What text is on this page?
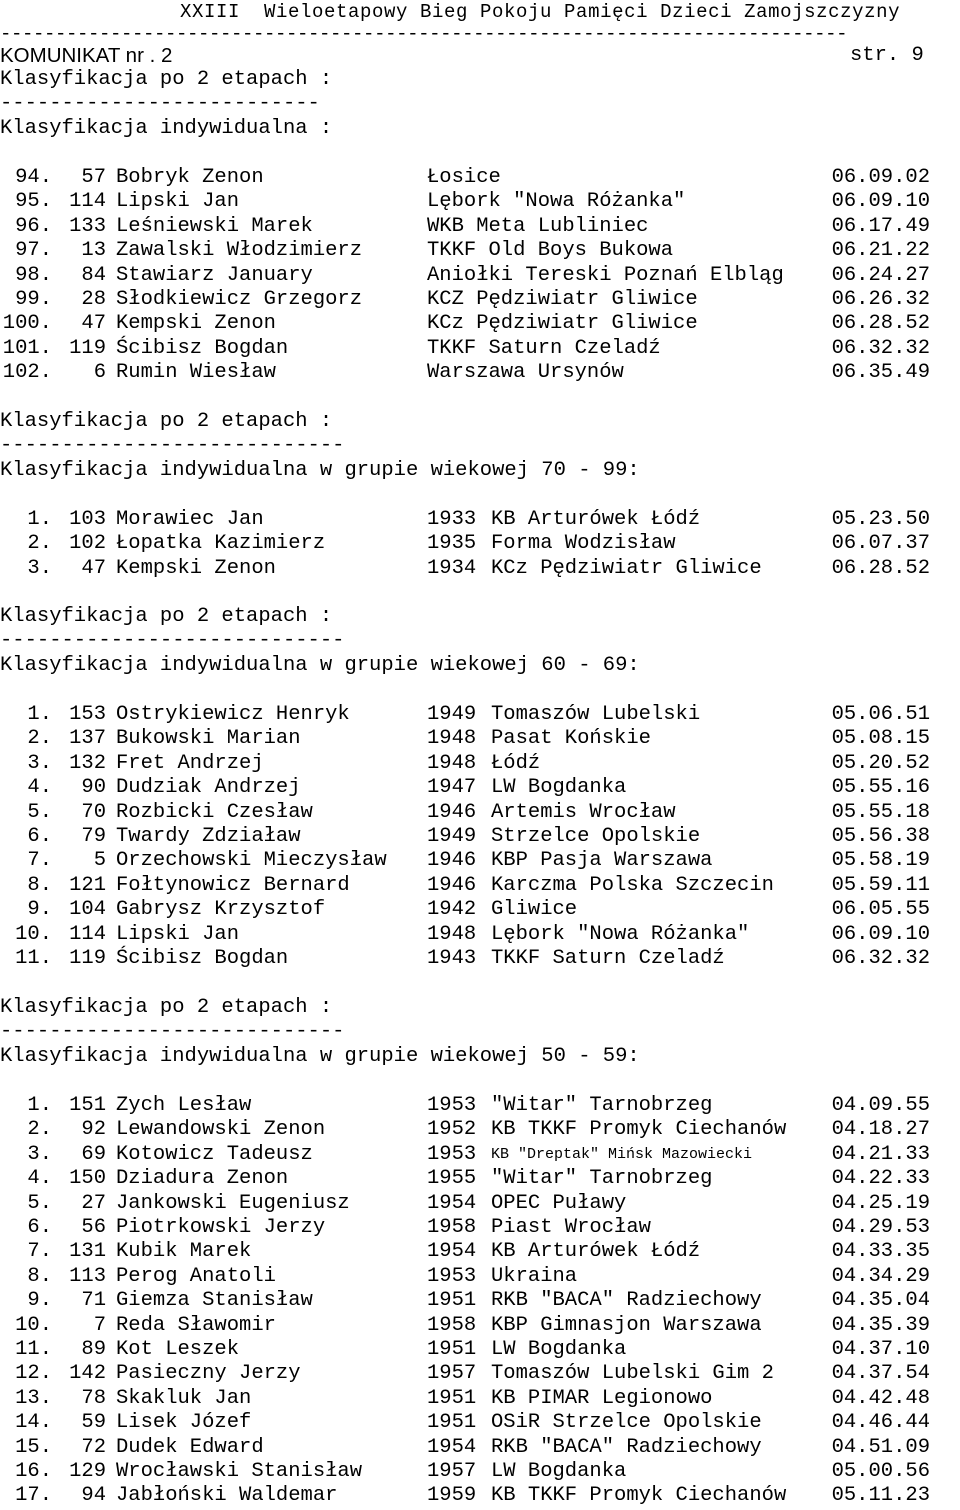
XXIII  Wieloetapowy Bieg Pokoju Pamięci Dzieci Zamojszczyzny
-----------------------------------------------------------------------------
KOMUNIKAT nr . 2	str. 9
Klasyfikacja po 2 etapach :
--------------------------
Klasyfikacja indywidualna :
94.	57 Bobryk Zenon	Łosice	06.09.02
95. 114 Lipski Jan	Lębork "Nowa Różanka"	06.09.10
96. 133 Leśniewski Marek	WKB Meta Lubliniec	06.17.49
97.	13 Zawalski Włodzimierz	TKKF Old Boys Bukowa	06.21.22
98.	84 Stawiarz January	Aniołki Tereski Poznań Elbląg 06.24.27
99.	28 Słodkiewicz Grzegorz	KCZ Pędziwiatr Gliwice	06.26.32
100.	47 Kempski Zenon	KCz Pędziwiatr Gliwice	06.28.52
101. 119 Ścibisz Bogdan	TKKF Saturn Czeladź	06.32.32
102.	6 Rumin Wiesław	Warszawa Ursynów	06.35.49
Klasyfikacja po 2 etapach :
----------------------------
Klasyfikacja indywidualna w grupie wiekowej 70 - 99:
1. 103 Morawiec Jan	1933 KB Arturówek Łódź	05.23.50
2. 102 Łopatka Kazimierz	1935 Forma Wodzisław	06.07.37
3.	47 Kempski Zenon	1934 KCz Pędziwiatr Gliwice	06.28.52
Klasyfikacja po 2 etapach :
----------------------------
Klasyfikacja indywidualna w grupie wiekowej 60 - 69:
1. 153 Ostrykiewicz Henryk	1949 Tomaszów Lubelski	05.06.51
2. 137 Bukowski Marian	1948 Pasat Końskie	05.08.15
3. 132 Fret Andrzej	1948 Łódź	05.20.52
4.	90 Dudziak Andrzej	1947 LW Bogdanka	05.55.16
5.	70 Rozbicki Czesław	1946 Artemis Wrocław	05.55.18
6.	79 Twardy Zdziaław	1949 Strzelce Opolskie	05.56.38
7.	5 Orzechowski Mieczysław 1946 KBP Pasja Warszawa	05.58.19
8. 121 Fołtynowicz Bernard	1946 Karczma Polska Szczecin	05.59.11
9. 104 Gabrysz Krzysztof	1942 Gliwice	06.05.55
10. 114 Lipski Jan	1948 Lębork "Nowa Różanka"	06.09.10
11. 119 Ścibisz Bogdan	1943 TKKF Saturn Czeladź	06.32.32
Klasyfikacja po 2 etapach :
----------------------------
Klasyfikacja indywidualna w grupie wiekowej 50 - 59:
1. 151 Zych Lesław	1953 "Witar" Tarnobrzeg	04.09.55
2.	92 Lewandowski Zenon	1952 KB TKKF Promyk Ciechanów 04.18.27
3.	69 Kotowicz Tadeusz	1953 KB "Dreptak" Mińsk Mazowiecki	04.21.33
4. 150 Dziadura Zenon	1955 "Witar" Tarnobrzeg	04.22.33
5.	27 Jankowski Eugeniusz	1954 OPEC Puławy	04.25.19
6.	56 Piotrkowski Jerzy	1958 Piast Wrocław	04.29.53
7. 131 Kubik Marek	1954 KB Arturówek Łódź	04.33.35
8. 113 Perog Anatoli	1953 Ukraina	04.34.29
9.	71 Giemza Stanisław	1951 RKB "BACA" Radziechowy	04.35.04
10.	7 Reda Sławomir	1958 KBP Gimnasjon Warszawa	04.35.39
11.	89 Kot Leszek	1951 LW Bogdanka	04.37.10
12. 142 Pasieczny Jerzy	1957 Tomaszów Lubelski Gim 2	04.37.54
13.	78 Skakluk Jan	1951 KB PIMAR Legionowo	04.42.48
14.	59 Lisek Józef	1951 OSiR Strzelce Opolskie	04.46.44
15.	72 Dudek Edward	1954 RKB "BACA" Radziechowy	04.51.09
16. 129 Wrocławski Stanisław	1957 LW Bogdanka	05.00.56
17.	94 Jabłoński Waldemar	1959 KB TKKF Promyk Ciechanów 05.11.23
